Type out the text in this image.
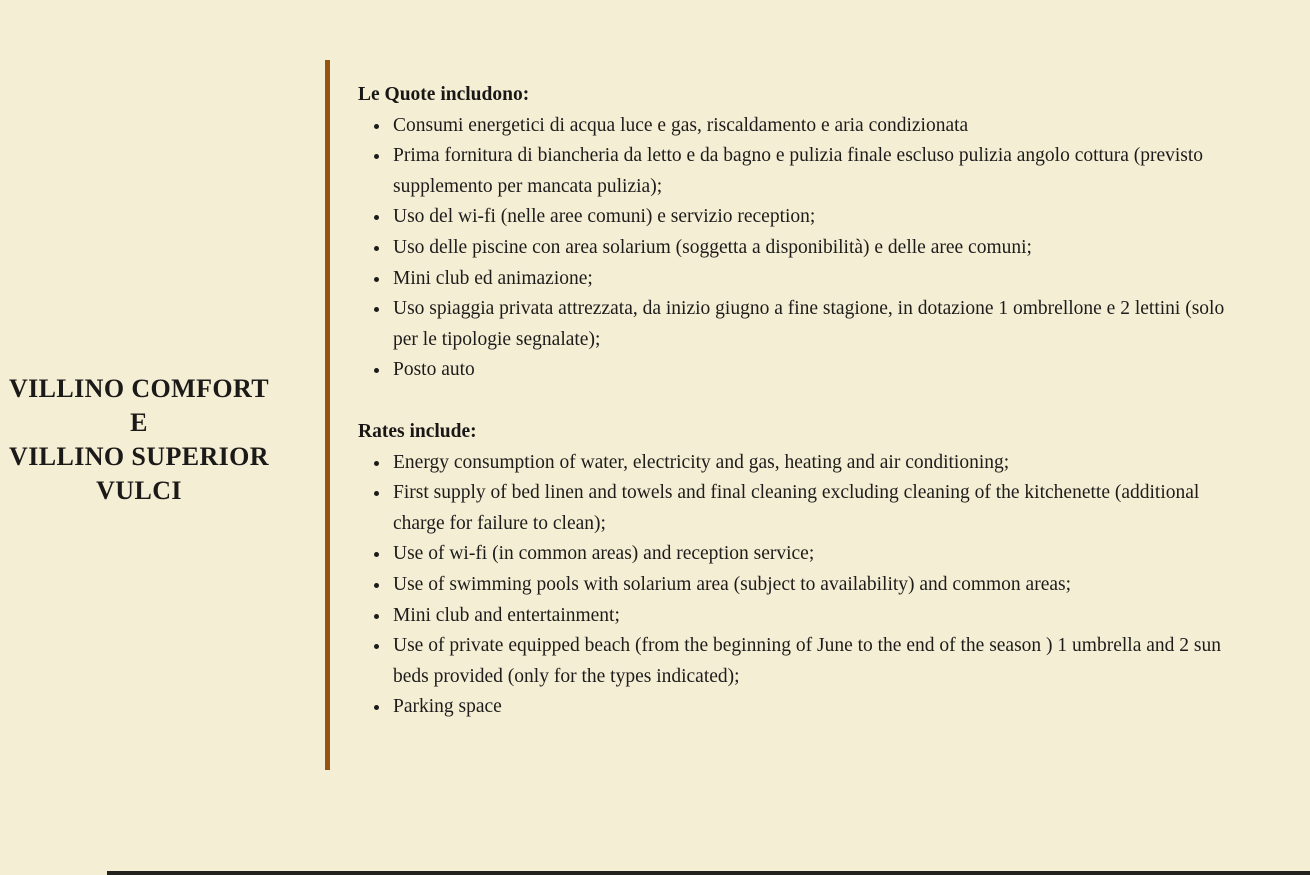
VILLINO COMFORT
E
VILLINO SUPERIOR
VULCI
Le Quote includono:
• Consumi energetici di acqua luce e gas, riscaldamento e aria condizionata
• Prima fornitura di biancheria da letto e da bagno e pulizia finale escluso pulizia angolo cottura (previsto supplemento per mancata pulizia);
• Uso del wi-fi (nelle aree comuni) e servizio reception;
• Uso delle piscine con area solarium (soggetta a disponibilità) e delle aree comuni;
• Mini club ed animazione;
• Uso spiaggia privata attrezzata, da inizio giugno a fine stagione, in dotazione 1 ombrellone e 2 lettini (solo per le tipologie segnalate);
• Posto auto
Rates include:
• Energy consumption of water, electricity and gas, heating and air conditioning;
• First supply of bed linen and towels and final cleaning excluding cleaning of the kitchenette (additional charge for failure to clean);
• Use of wi-fi (in common areas) and reception service;
• Use of swimming pools with solarium area (subject to availability) and common areas;
• Mini club and entertainment;
• Use of private equipped beach (from the beginning of June to the end of the season ) 1 umbrella and 2 sun beds provided (only for the types indicated);
• Parking space
